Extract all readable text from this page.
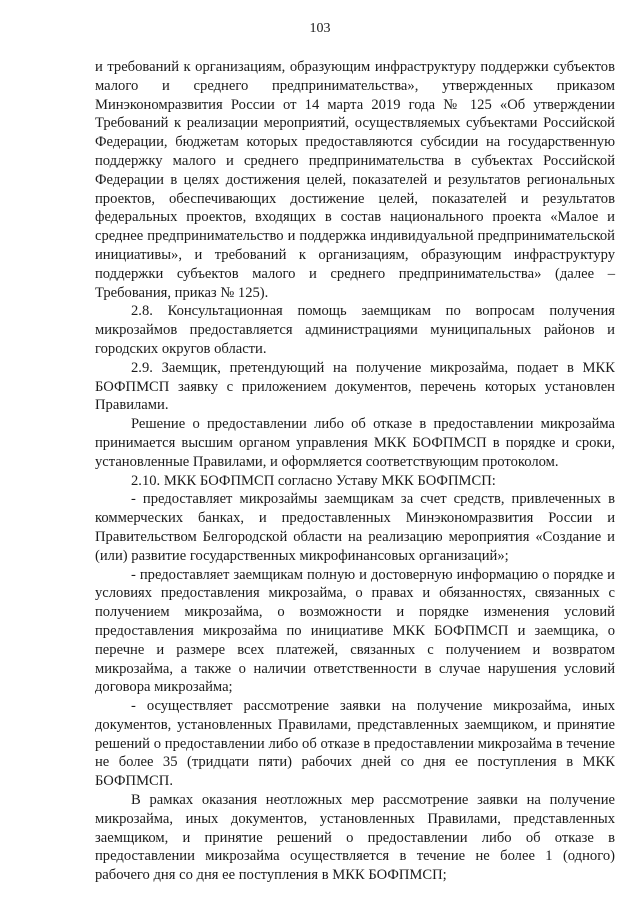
103

и требований к организациям, образующим инфраструктуру поддержки субъектов малого и среднего предпринимательства», утвержденных приказом Минэкономразвития России от 14 марта 2019 года № 125 «Об утверждении Требований к реализации мероприятий, осуществляемых субъектами Российской Федерации, бюджетам которых предоставляются субсидии на государственную поддержку малого и среднего предпринимательства в субъектах Российской Федерации в целях достижения целей, показателей и результатов региональных проектов, обеспечивающих достижение целей, показателей и результатов федеральных проектов, входящих в состав национального проекта «Малое и среднее предпринимательство и поддержка индивидуальной предпринимательской инициативы», и требований к организациям, образующим инфраструктуру поддержки субъектов малого и среднего предпринимательства» (далее – Требования, приказ № 125).

2.8. Консультационная помощь заемщикам по вопросам получения микрозаймов предоставляется администрациями муниципальных районов и городских округов области.

2.9. Заемщик, претендующий на получение микрозайма, подает в МКК БОФПМСП заявку с приложением документов, перечень которых установлен Правилами.

Решение о предоставлении либо об отказе в предоставлении микрозайма принимается высшим органом управления МКК БОФПМСП в порядке и сроки, установленные Правилами, и оформляется соответствующим протоколом.

2.10. МКК БОФПМСП согласно Уставу МКК БОФПМСП:

- предоставляет микрозаймы заемщикам за счет средств, привлеченных в коммерческих банках, и предоставленных Минэкономразвития России и Правительством Белгородской области на реализацию мероприятия «Создание и (или) развитие государственных микрофинансовых организаций»;

- предоставляет заемщикам полную и достоверную информацию о порядке и условиях предоставления микрозайма, о правах и обязанностях, связанных с получением микрозайма, о возможности и порядке изменения условий предоставления микрозайма по инициативе МКК БОФПМСП и заемщика, о перечне и размере всех платежей, связанных с получением и возвратом микрозайма, а также о наличии ответственности в случае нарушения условий договора микрозайма;

- осуществляет рассмотрение заявки на получение микрозайма, иных документов, установленных Правилами, представленных заемщиком, и принятие решений о предоставлении либо об отказе в предоставлении микрозайма в течение не более 35 (тридцати пяти) рабочих дней со дня ее поступления в МКК БОФПМСП.

В рамках оказания неотложных мер рассмотрение заявки на получение микрозайма, иных документов, установленных Правилами, представленных заемщиком, и принятие решений о предоставлении либо об отказе в предоставлении микрозайма осуществляется в течение не более 1 (одного) рабочего дня со дня ее поступления в МКК БОФПМСП;
